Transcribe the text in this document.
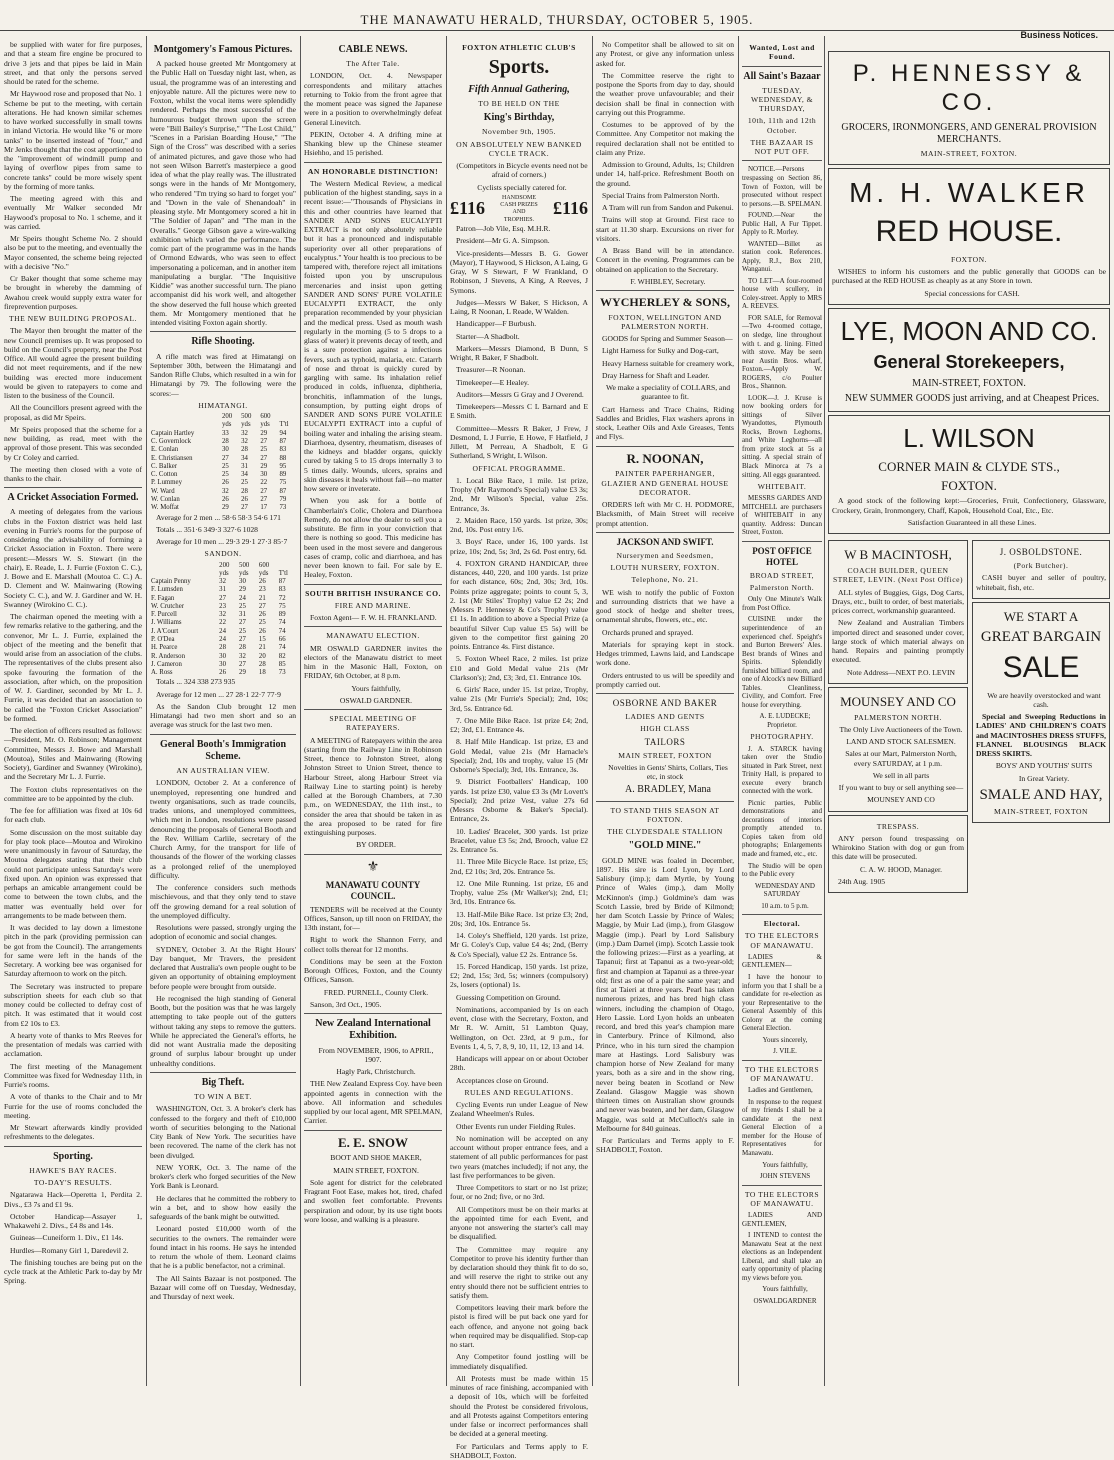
THE MANAWATU HERALD, THURSDAY, OCTOBER 5, 1905.
Business Notices.

be supplied with water for fire purposes, and that a steam fire engine be procured to drive 3 jets and that pipes be laid in Main street, and that only the persons served should be rated for the scheme.

Mr Haywood rose and proposed that No. 1 Scheme be put to the meeting, with certain alterations. He had known similar schemes to have worked successfully in small towns in inland Victoria. He would like "6 or more tanks" to be inserted instead of "four," and Mr Jenks thought that the cost apportioned to the "improvement of windmill pump and laying of overflow pipes from same to concrete tanks" could be more wisely spent by the forming of more tanks.

The meeting agreed with this and eventually Mr Walker seconded Mr Haywood's proposal to No. 1 scheme, and it was carried.

Mr Speirs thought Scheme No. 2 should also be put to the meeting, and eventually the Mayor consented, the scheme being rejected with a decisive "No."

Cr Baker thought that some scheme may be brought in whereby the damming of Awahou creek would supply extra water for fireprevention purposes.

THE NEW BUILDING PROPOSAL.

The Mayor then brought the matter of the new Council premises up. It was proposed to build on the Council's property, near the Post Office. All would agree the present building did not meet requirements, and if the new building was erected more inducement would be given to ratepayers to come and listen to the business of the Council.

All the Councillors present agreed with the proposal, as did Mr Speirs.

Mr Speirs proposed that the scheme for a new building, as read, meet with the approval of those present. This was seconded by Cr Coley and carried.

The meeting then closed with a vote of thanks to the chair.

A Cricket Association Formed.

A meeting of delegates from the various clubs in the Foxton district was held last evening in Furrie's rooms for the purpose of considering the advisability of forming a Cricket Association in Foxton. There were present:—Messrs W. S. Stewart (in the chair), E. Reade, L. J. Furrie (Foxton C. C.), J. Bowe and E. Marshall (Moutoa C. C.) A. D. Clement and W. Mainwaring (Rowing Society C. C.), and W. J. Gardiner and W. H. Swanney (Wirokino C. C.).

The chairman opened the meeting with a few remarks relative to the gathering, and the convenor, Mr L. J. Furrie, explained the object of the meeting and the benefit that would arise from an association of the clubs. The representatives of the clubs present also spoke favouring the formation of the association, after which, on the proposition of W. J. Gardiner, seconded by Mr L. J. Furrie, it was decided that an association to be called the "Foxton Cricket Association" be formed.

The election of officers resulted as follows:—President, Mr. O. Robinson; Management Committee, Messrs J. Bowe and Marshall (Moutoa), Stiles and Mainwaring (Rowing Society), Gardiner and Swanney (Wirokino), and the Secretary Mr L. J. Furrie.

The Foxton clubs representatives on the committee are to be appointed by the club.

The fee for affiliation was fixed at 10s 6d for each club.

Some discussion on the most suitable day for play took place—Moutoa and Wirokino were unanimously in favour of Saturday, the Moutoa delegates stating that their club could not participate unless Saturday's were fixed upon. An opinion was expressed that perhaps an amicable arrangement could be come to between the town clubs, and the matter was eventually held over for arrangements to be made between them.

It was decided to lay down a limestone pitch in the park (providing permission can be got from the Council). The arrangements for same were left in the hands of the Secretary. A working bee was organised for Saturday afternoon to work on the pitch.

The Secretary was instructed to prepare subscription sheets for each club so that money could be collected to defray cost of pitch. It was estimated that it would cost from £2 10s to £3.

A hearty vote of thanks to Mrs Reeves for the presentation of medals was carried with acclamation.

The first meeting of the Management Committee was fixed for Wednesday 11th, in Furrie's rooms.

A vote of thanks to the Chair and to Mr Furrie for the use of rooms concluded the meeting.

Mr Stewart afterwards kindly provided refreshments to the delegates.

Sporting.
HAWKE'S BAY RACES.
TO-DAY'S RESULTS.

Ngatarawa Hack—Operetta 1, Perdita 2. Divs., £3 7s and £1 9s.

October Handicap—Assayer 1, Whakawehi 2. Divs., £4 8s and 14s.

Guineas—Cuneiform 1. Div., £1 14s.

Hurdles—Romany Girl 1, Daredevil 2.

The finishing touches are being put on the cycle track at the Athletic Park to-day by Mr Spring.

Montgomery's Famous Pictures.

A packed house greeted Mr Montgomery at the Public Hall on Tuesday night last, when, as usual, the programme was of an interesting and enjoyable nature. All the pictures were new to Foxton, whilst the vocal items were splendidly rendered. Perhaps the most successful of the humourous budget thrown upon the screen were "Bill Bailey's Surprise," "The Lost Child," "Scenes in a Parisian Boarding House," "The Sign of the Cross" was described with a series of animated pictures, and gave those who had not seen Wilson Barrett's masterpiece a good idea of what the play really was. The illustrated songs were in the hands of Mr Montgomery, who rendered "I'm trying so hard to forget you" and "Down in the vale of Shenandoah" in pleasing style. Mr Montgomery scored a hit in "The Soldier of Japan" and "The man in the Overalls." George Gibson gave a wire-walking exhibition which varied the performance. The comic part of the programme was in the hands of Ormond Edwards, who was seen to effect impersonating a policeman, and in another item manipulating a burglar. "The Inquisitive Kiddie" was another successful turn. The piano accompanist did his work well, and altogether the show deserved the full house which greeted them. Mr Montgomery mentioned that he intended visiting Foxton again shortly.

Rifle Shooting.

A rifle match was fired at Himatangi on September 30th, between the Himatangi and Sandon Rifle Clubs, which resulted in a win for Himatangi by 79. The following were the scores:—

HIMATANGI.
	200	500	600	
	yds	yds	yds	T'tl
Captain Hartley	33	32	29	94
C. Governlock	28	32	27	87
E. Conlan	30	28	25	83
E. Christiansen	27	34	27	88
C. Balker	25	31	29	95
C. Cotton	25	34	30	89
P. Lummey	26	25	22	75
W. Ward	32	28	27	87
W. Conlan	26	26	27	79
W. Moffat	29	27	17	73

Average for 2 men ... 58·6 58·3 54·6 171

Totals ... 351·6 349·3 327·6 1028

Average for 10 men ... 29·3 29·1 27·3 85·7

SANDON.
	200	500	600	
	yds	yds	yds	T'tl
Captain Penny	32	30	26	87
F. Lumsden	31	29	23	83
F. Fagan	27	24	21	72
W. Crutcher	23	25	27	75
F. Purcell	32	31	26	89
J. Williams	22	27	25	74
J. A'Court	24	25	26	74
P. O'Dea	24	27	15	66
H. Pearce	28	28	21	74
R. Anderson	30	32	20	82
J. Cameron	30	27	28	85
A. Ross	26	29	18	73

Totals ... 324 338 273 935

Average for 12 men ... 27 28·1 22·7 77·9

As the Sandon Club brought 12 men Himatangi had two men short and so an average was struck for the last two men.

General Booth's Immigration Scheme.
AN AUSTRALIAN VIEW.

LONDON, October 2. At a conference of unemployed, representing one hundred and twenty organisations, such as trade councils, trades unions, and unemployed committees, which met in London, resolutions were passed denouncing the proposals of General Booth and the Rev. William Carlile, secretary of the Church Army, for the transport for life of thousands of the flower of the working classes as a prolonged relief of the unemployed difficulty.

The conference considers such methods mischievous, and that they only tend to stave off the growing demand for a real solution of the unemployed difficulty.

Resolutions were passed, strongly urging the adoption of economic and social changes.

SYDNEY, October 3. At the Right Hours' Day banquet, Mr Travers, the president declared that Australia's own people ought to be given an opportunity of obtaining employment before people were brought from outside.

He recognised the high standing of General Booth, but the position was that he was largely attempting to take people out of the gutters without taking any steps to remove the gutters. While he appreciated the General's efforts, he did not want Australia made the depositing ground of surplus labour brought up under unhealthy conditions.

Big Theft.
TO WIN A BET.

WASHINGTON, Oct. 3. A broker's clerk has confessed to the forgery and theft of £10,000 worth of securities belonging to the National City Bank of New York. The securities have been recovered. The name of the clerk has not been divulged.

NEW YORK, Oct. 3. The name of the broker's clerk who forged securities of the New York Bank is Leonard.

He declares that he committed the robbery to win a bet, and to show how easily the safeguards of the bank might be outwitted.

Leonard posted £10,000 worth of the securities to the owners. The remainder were found intact in his rooms. He says he intended to return the whole of them. Leonard claims that he is a public benefactor, not a criminal.

The All Saints Bazaar is not postponed. The Bazaar will come off on Tuesday, Wednesday, and Thursday of next week.

CABLE NEWS.
The After Tale.

LONDON, Oct. 4. Newspaper correspondents and military attaches returning to Tokio from the front agree that the moment peace was signed the Japanese were in a position to overwhelmingly defeat General Linevitch.

PEKIN, October 4. A drifting mine at Shanking blew up the Chinese steamer Hsiehho, and 15 perished.

AN HONORABLE DISTINCTION!

The Western Medical Review, a medical publication of the highest standing, says in a recent issue:—"Thousands of Physicians in this and other countries have learned that SANDER AND SONS EUCALYPTI EXTRACT is not only absolutely reliable but it has a pronounced and indisputable superiority over all other preparations of eucalyptus." Your health is too precious to be tampered with, therefore reject all imitations foisted upon you by unscrupulous mercenaries and insist upon getting SANDER AND SONS' PURE VOLATILE EUCALYPTI EXTRACT, the only preparation recommended by your physician and the medical press. Used as mouth wash regularly in the morning (5 to 5 drops to a glass of water) it prevents decay of teeth, and is a sure protection against a infectious fevers, such as typhoid, malaria, etc. Catarrh of nose and throat is quickly cured by gargling with same. Its inhalation relief produced in colds, influenza, diphtheria, bronchitis, inflammation of the lungs, consumption, by putting eight drops of SANDER AND SONS PURE VOLATILE EUCALYPTI EXTRACT into a cupful of boiling water and inhaling the arising steam. Diarrhoea, dysentry, rheumatism, diseases of the kidneys and bladder organs, quickly cured by taking 5 to 15 drops internally 3 to 5 times daily. Wounds, ulcers, sprains and skin diseases it heals without fail—no matter how severe or inveterate.

When you ask for a bottle of Chamberlain's Colic, Cholera and Diarrhoea Remedy, do not allow the dealer to sell you a substitute. Be firm in your conviction that there is nothing so good. This medicine has been used in the most severe and dangerous cases of cramp, colic and diarrhoea, and has never been known to fail. For sale by E. Healey, Foxton.

SOUTH BRITISH INSURANCE CO.
FIRE AND MARINE.

Foxton Agent— F. W. H. FRANKLAND.

MANAWATU ELECTION.

MR OSWALD GARDNER invites the electors of the Manawatu district to meet him in the Masonic Hall, Foxton, on FRIDAY, 6th October, at 8 p.m.

Yours faithfully,

OSWALD GARDNER.

SPECIAL MEETING OF RATEPAYERS.

A MEETING of Ratepayers within the area (starting from the Railway Line in Robinson Street, thence to Johnston Street, along Johnston Street to Union Street, thence to Harbour Street, along Harbour Street via Railway Line to starting point) is hereby called at the Borough Chambers, at 7.30 p.m., on WEDNESDAY, the 11th inst., to consider the area that should be taken in as the area proposed to be rated for fire extinguishing purposes.

BY ORDER.

⚜
MANAWATU COUNTY COUNCIL.

TENDERS will be received at the County Offices, Sanson, up till noon on FRIDAY, the 13th instant, for—

Right to work the Shannon Ferry, and collect tolls thereat for 12 months.

Conditions may be seen at the Foxton Borough Offices, Foxton, and the County Offices, Sanson.

FRED. PURNELL, County Clerk.

Sanson, 3rd Oct., 1905.

New Zealand International Exhibition.

From NOVEMBER, 1906, to APRIL, 1907.

Hagly Park, Christchurch.

THE New Zealand Express Coy. have been appointed agents in connection with the above. All information and schedules supplied by our local agent, MR SPELMAN, Carrier.

E. E. SNOW

BOOT AND SHOE MAKER,

MAIN STREET, FOXTON.

Sole agent for district for the celebrated Fragrant Foot Ease, makes hot, tired, chafed and swollen feet comfortable. Prevents perspiration and odour, by its use tight boots wore loose, and walking is a pleasure.

FOXTON ATHLETIC CLUB'S
Sports.
Fifth Annual Gathering,
TO BE HELD ON THE
King's Birthday,
November 9th, 1905.
ON ABSOLUTELY NEW BANKED CYCLE TRACK.

(Competitors in Bicycle events need not be afraid of corners.)

Cyclists specially catered for.

£116
HANDSOME CASH PRIZES AND TROPHIES.
£116

Patron—Job Vile, Esq. M.H.R.

President—Mr G. A. Simpson.

Vice-presidents—Messrs B. G. Gower (Mayor), T Haywood, S Hickson, A Laing, G Gray, W S Stewart, F W Frankland, O Robinson, J Stevens, A King, A Reeves, J Symons.

Judges—Messrs W Baker, S Hickson, A Laing, R Noonan, L Reade, W Walden.

Handicapper—F Burbush.

Starter—A Shadbolt.

Markers—Messrs Diamond, B Dunn, S Wright, R Baker, F Shadbolt.

Treasurer—R Noonan.

Timekeeper—E Healey.

Auditors—Messrs G Gray and J Overend.

Timekeepers—Messrs C L Barnard and E E Smith.

Committee—Messrs R Baker, J Frew, J Desmond, L J Furrie, E Howe, F Hatfield, J Jillett, M Perreau, A Shadbolt, E G Sutherland, S Wright, L Wilson.

OFFICAL PROGRAMME.

1. Local Bike Race, 1 mile. 1st prize, Trophy (Mr Raymond's Special) value £3 3s; 2nd, Mr Wilson's Special, value 25s. Entrance, 3s.

2. Maiden Race, 150 yards. 1st prize, 30s; 2nd, 10s. Post entry 1/6.

3. Boys' Race, under 16, 100 yards. 1st prize, 10s; 2nd, 5s; 3rd, 2s 6d. Post entry, 6d.

4. FOXTON GRAND HANDICAP, three distances, 440, 220, and 100 yards. 1st prize for each distance, 60s; 2nd, 30s; 3rd, 10s. Points prize aggregate; points to count 5, 3, 2. 1st (Mr Stiles' Trophy) value £2 2s; 2nd (Messrs P. Hennessy & Co's Trophy) value £1 1s. In addition to above a Special Prize (a beautiful Silver Cup value £5 5s) will be given to the competitor first gaining 20 points. Entrance 4s. First distance.

5. Foxton Wheel Race, 2 miles. 1st prize £10 and Gold Medal value 21s (Mr Clarkson's); 2nd, £3; 3rd, £1. Entrance 10s.

6. Girls' Race, under 15. 1st prize, Trophy, value 21s (Mr Furrie's Special); 2nd, 10s; 3rd, 5s. Entrance 6d.

7. One Mile Bike Race. 1st prize £4; 2nd, £2; 3rd, £1. Entrance 4s.

8. Half Mile Handicap. 1st prize, £3 and Gold Medal, value 21s (Mr Harnacle's Special); 2nd, 10s and trophy, value 15 (Mr Osborne's Special); 3rd, 10s. Entrance, 3s.

9. District Footballers' Handicap, 100 yards. 1st prize £30, value £3 3s (Mr Lovett's Special); 2nd prize Vest, value 27s 6d (Messrs Osborne & Baker's Special). Entrance, 2s.

10. Ladies' Bracelet, 300 yards. 1st prize Bracelet, value £3 5s; 2nd, Brooch, value £2 2s. Entrance 5s.

11. Three Mile Bicycle Race. 1st prize, £5; 2nd, £2 10s; 3rd, 20s. Entrance 5s.

12. One Mile Running. 1st prize, £6 and Trophy, value 25s (Mr Walker's); 2nd, £1; 3rd, 10s. Entrance 6s.

13. Half-Mile Bike Race. 1st prize £3; 2nd, 20s; 3rd, 10s. Entrance 5s.

14. Coley's Sheffield, 120 yards. 1st prize, Mr G. Coley's Cup, value £4 4s; 2nd, (Berry & Co's Special), value £2 2s. Entrance 5s.

15. Forced Handicap, 150 yards. 1st prize, £2; 2nd, 15s; 3rd, 5s; winners (compulsory) 2s, losers (optional) 1s.

Guessing Competition on Ground.

Nominations, accompanied by 1s on each event, close with the Secretary, Foxton, and Mr R. W. Arnitt, 51 Lambton Quay, Wellington, on Oct. 23rd, at 9 p.m., for Events 1, 4, 5, 7, 8, 9, 10, 11, 12, 13 and 14.

Handicaps will appear on or about October 28th.

Acceptances close on Ground.

RULES AND REGULATIONS.

Cycling Events run under League of New Zealand Wheelmen's Rules.

Other Events run under Fielding Rules.

No nomination will be accepted on any account without proper entrance fees, and a statement of all public performances for past two years (matches included); if not any, the last five performances to be given.

Three Competitors to start or no 1st prize; four, or no 2nd; five, or no 3rd.

All Competitors must be on their marks at the appointed time for each Event, and anyone not answering the starter's call may be disqualified.

The Committee may require any Competitor to prove his identity further than by declaration should they think fit to do so, and will reserve the right to strike out any entry should there not be sufficient entries to satisfy them.

Competitors leaving their mark before the pistol is fired will be put back one yard for each offence, and anyone not going back when required may be disqualified. Stop-cap no start.

Any Competitor found jostling will be immediately disqualified.

All Protests must be made within 15 minutes of race finishing, accompanied with a deposit of 10s, which will be forfeited should the Protest be considered frivolous, and all Protests against Competitors entering under false or incorrect performances shall be decided at a general meeting.

For Particulars and Terms apply to F. SHADBOLT, Foxton.

No Competitor shall be allowed to sit on any Protest, or give any information unless asked for.

The Committee reserve the right to postpone the Sports from day to day, should the weather prove unfavourable; and their decision shall be final in connection with carrying out this Programme.

Costumes to be approved of by the Committee. Any Competitor not making the required declaration shall not be entitled to claim any Prize.

Admission to Ground, Adults, 1s; Children under 14, half-price. Refreshment Booth on the ground.

Special Trains from Palmerston North.

A Tram will run from Sandon and Pukenui.

Trains will stop at Ground. First race to start at 11.30 sharp. Excursions on river for visitors.

A Brass Band will be in attendance. Concert in the evening. Programmes can be obtained on application to the Secretary.

F. WHIBLEY, Secretary.

WYCHERLEY & SONS,
FOXTON, WELLINGTON AND PALMERSTON NORTH.

GOODS for Spring and Summer Season—

Light Harness for Sulky and Dog-cart,

Heavy Harness suitable for creamery work,

Dray Harness for Shaft and Leader.

We make a speciality of COLLARS, and guarantee to fit.

Cart Harness and Trace Chains, Riding Saddles and Bridles, Flax washers aprons in stock, Leather Oils and Axle Greases, Tents and Flys.

R. NOONAN,
PAINTER PAPERHANGER, GLAZIER AND GENERAL HOUSE DECORATOR.

ORDERS left with Mr C. H. PODMORE, Blacksmith, of Main Street will receive prompt attention.

JACKSON AND SWIFT.
Nurserymen and Seedsmen,
LOUTH NURSERY, FOXTON.
Telephone, No. 21.

WE wish to notify the public of Foxton and surrounding districts that we have a good stock of hedge and shelter trees, ornamental shrubs, flowers, etc., etc.

Orchards pruned and sprayed.

Materials for spraying kept in stock. Hedges trimmed, Lawns laid, and Landscape work done.

Orders entrusted to us will be speedily and promptly carried out.

OSBORNE AND BAKER
LADIES AND GENTS
HIGH CLASS
TAILORS
MAIN STREET, FOXTON

Novelties in Gents' Shirts, Collars, Ties etc, in stock

A. BRADLEY, Mana

TO STAND THIS SEASON AT FOXTON.
THE CLYDESDALE STALLION
"GOLD MINE."

GOLD MINE was foaled in December, 1897. His sire is Lord Lyon, by Lord Salisbury (imp.); dam Myrtle, by Young Prince of Wales (imp.), dam Molly McKinnon's (imp.) Goldmine's dam was Scotch Lassie, bred by Bride of Kilmond; her dam Scotch Lassie by Prince of Wales; Maggie, by Muir Lad (imp.), from Glasgow Maggie (imp.). Pearl by Lord Salisbury (imp.) Dam Darnel (imp). Scotch Lassie took the following prizes:—First as a yearling, at Tapanui; first at Tapanui as a two-year-old; first and champion at Tapanui as a three-year old; first as one of a pair the same year; and first at Taieri at three years. Pearl has taken numerous prizes, and has bred high class winners, including the champion of Otago, Hero Lassie. Lord Lyon holds an unbeaten record, and bred this year's champion mare in Canterbury. Prince of Kilmond, also Prince, who in his turn sired the champion mare at Hastings. Lord Salisbury was champion horse of New Zealand for many years, both as a sire and in the show ring, never being beaten in Scotland or New Zealand. Glasgow Maggie was shown thirteen times on Australian show grounds and never was beaten, and her dam, Glasgow Maggie, was sold at McCulloch's sale in Melbourne for 840 guineas.

For Particulars and Terms apply to F. SHADBOLT, Foxton.

Wanted, Lost and Found.
All Saint's Bazaar
TUESDAY, WEDNESDAY, & THURSDAY,
10th, 11th and 12th October.
THE BAZAAR IS NOT PUT OFF.

NOTICE.—Persons trespassing on Section 86, Town of Foxton, will be prosecuted without respect to persons.—B. SPELMAN.

FOUND.—Near the Public Hall, A Fur Tippet. Apply to R. Morley.

WANTED—Billet as station cook. References. Apply, R.J., Box 210, Wanganui.

TO LET—A four-roomed house with scullery, in Coley-street. Apply to MRS A. REEVES.

FOR SALE, for Removal—Two 4-roomed cottage, on sledge, line throughout with t. and g. lining. Fitted with stove. May be seen near Austin Bros. wharf, Foxton.—Apply W. ROGERS, c/o Poulter Bros., Shannon.

LOOK—J. J. Kruse is now booking orders for sittings of Silver Wyandottes, Plymouth Rocks, Brown Leghorns, and White Leghorns—all from prize stock at 5s a sitting. A special strain of Black Minorca at 7s a sitting. All eggs guaranteed.

WHITEBAIT.

MESSRS GARDES AND MITCHELL are purchasers of WHITEBAIT in any quantity. Address: Duncan Street, Foxton.

POST OFFICE HOTEL
BROAD STREET,
Palmerston North.

Only One Minute's Walk from Post Office.

CUISINE under the superintendence of an experienced chef. Speight's and Burton Brewers' Ales. Best brands of Wines and Spirits. Splendidly furnished billiard room, and one of Alcock's new Billiard Tables. Cleanliness, Civility, and Comfort. Free house for everything.

A. E. LUDECKE; Proprietor.

PHOTOGRAPHY.

J. A. STARCK having taken over the Studio situated in Park Street, next Trinity Hall, is prepared to execute every branch connected with the work.

Picnic parties, Public demonstrations and decorations of interiors promptly attended to. Copies taken from old photographs; Enlargements made and framed, etc., etc.

The Studio will be open to the Public every

WEDNESDAY AND SATURDAY

10 a.m. to 5 p.m.

Electoral.
TO THE ELECTORS OF MANAWATU.

LADIES & GENTLEMEN—

I have the honour to inform you that I shall be a candidate for re-election as your Representative to the General Assembly of this Colony at the coming General Election.

Yours sincerely,

J. VILE.

TO THE ELECTORS OF MANAWATU.

Ladies and Gentlemen,

In response to the request of my friends I shall be a candidate at the next General Election of a member for the House of Representatives for Manawatu.

Yours faithfully,

JOHN STEVENS

TO THE ELECTORS OF MANAWATU.

LADIES AND GENTLEMEN,

I INTEND to contest the Manawatu Seat at the next elections as an Independent Liberal, and shall take an early opportunity of placing my views before you.

Yours faithfully,

OSWALDGARDNER

P. HENNESSY & CO.
GROCERS, IRONMONGERS, AND GENERAL PROVISION MERCHANTS.
MAIN-STREET, FOXTON.
M. H. WALKER
RED HOUSE.
FOXTON.

WISHES to inform his customers and the public generally that GOODS can be purchased at the RED HOUSE as cheaply as at any Store in town.

Special concessions for CASH.

LYE, MOON AND CO.
General Storekeepers,
MAIN-STREET, FOXTON.

NEW SUMMER GOODS just arriving, and at Cheapest Prices.

L. WILSON
CORNER MAIN & CLYDE STS.,
FOXTON.

A good stock of the following kept:—Groceries, Fruit, Confectionery, Glassware, Crockery, Grain, Ironmongery, Chaff, Kapok, Household Coal, Etc., Etc.

Satisfaction Guaranteed in all these Lines.

W B MACINTOSH,
COACH BUILDER, QUEEN STREET, LEVIN. (Next Post Office)

ALL styles of Buggies, Gigs, Dog Carts, Drays, etc., built to order, of best materials, prices correct, workmanship guaranteed.

New Zealand and Australian Timbers imported direct and seasoned under cover, large stock of which material always on hand. Repairs and painting promptly executed.

Note Address—NEXT P.O. LEVIN

MOUNSEY AND CO
PALMERSTON NORTH.

The Only Live Auctioneers of the Town.

LAND AND STOCK SALESMEN.

Sales at our Mart, Palmerston North, every SATURDAY, at 1 p.m.

We sell in all parts

If you want to buy or sell anything see—

MOUNSEY AND CO

TRESPASS.

ANY person found trespassing on Whirokino Station with dog or gun from this date will be prosecuted.

C. A. W. HOOD, Manager.

24th Aug. 1905

J. OSBOLDSTONE.
(Pork Butcher).

CASH buyer and seller of poultry, whitebait, fish, etc.

WE START A
GREAT BARGAIN
SALE

We are heavily overstocked and want cash.

Special and Sweeping Reductions in LADIES' AND CHILDREN'S COATS and MACINTOSHES DRESS STUFFS, FLANNEL BLOUSINGS BLACK DRESS SKIRTS.

BOYS' AND YOUTHS' SUITS

In Great Variety.

SMALE AND HAY,
MAIN-STREET, FOXTON
